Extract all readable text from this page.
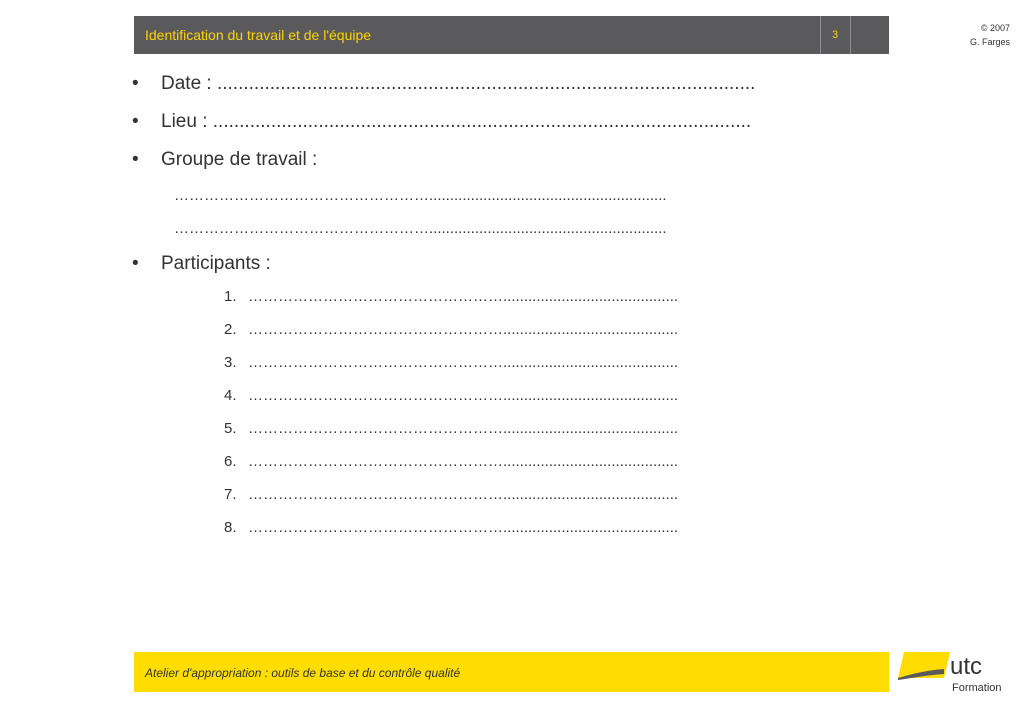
Identification du travail et de l'équipe	3
© 2007
G. Farges
• Date : ......................................................................................................
• Lieu : ......................................................................................................
• Groupe de travail :
…………………………………………….........................................................
…………………………………………….........................................................
• Participants :
1. ……………………………………………..........................................
2. ……………………………………………..........................................
3. ……………………………………………..........................................
4. ……………………………………………..........................................
5. ……………………………………………..........................................
6. ……………………………………………..........................................
7. ……………………………………………..........................................
8. ……………………………………………..........................................
Atelier d'appropriation : outils de base et du contrôle qualité	utc
Formation
